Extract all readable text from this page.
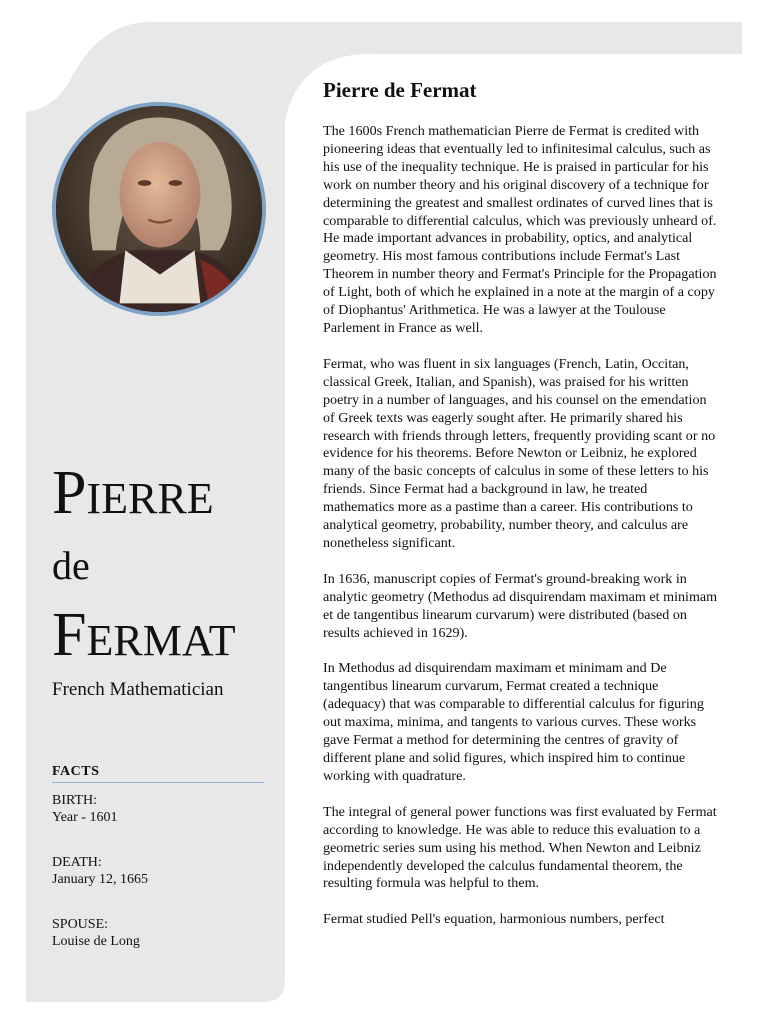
PIERRE
de
FERMAT
French Mathematician
FACTS
BIRTH:
Year - 1601
DEATH:
January 12, 1665
SPOUSE:
Louise de Long
Pierre de Fermat

The 1600s French mathematician Pierre de Fermat is credited with pioneering ideas that eventually led to infinitesimal calculus, such as his use of the inequality technique. He is praised in particular for his work on number theory and his original discovery of a technique for determining the greatest and smallest ordinates of curved lines that is comparable to differential calculus, which was previously unheard of. He made important advances in probability, optics, and analytical geometry. His most famous contributions include Fermat's Last Theorem in number theory and Fermat's Principle for the Propagation of Light, both of which he explained in a note at the margin of a copy of Diophantus' Arithmetica. He was a lawyer at the Toulouse Parlement in France as well.

Fermat, who was fluent in six languages (French, Latin, Occitan, classical Greek, Italian, and Spanish), was praised for his written poetry in a number of languages, and his counsel on the emendation of Greek texts was eagerly sought after. He primarily shared his research with friends through letters, frequently providing scant or no evidence for his theorems. Before Newton or Leibniz, he explored many of the basic concepts of calculus in some of these letters to his friends. Since Fermat had a background in law, he treated mathematics more as a pastime than a career. His contributions to analytical geometry, probability, number theory, and calculus are nonetheless significant.

In 1636, manuscript copies of Fermat's ground-breaking work in analytic geometry (Methodus ad disquirendam maximam et minimam et de tangentibus linearum curvarum) were distributed (based on results achieved in 1629).

In Methodus ad disquirendam maximam et minimam and De tangentibus linearum curvarum, Fermat created a technique (adequacy) that was comparable to differential calculus for figuring out maxima, minima, and tangents to various curves. These works gave Fermat a method for determining the centres of gravity of different plane and solid figures, which inspired him to continue working with quadrature.

The integral of general power functions was first evaluated by Fermat according to knowledge. He was able to reduce this evaluation to a geometric series sum using his method. When Newton and Leibniz independently developed the calculus fundamental theorem, the resulting formula was helpful to them.

Fermat studied Pell's equation, harmonious numbers, perfect
